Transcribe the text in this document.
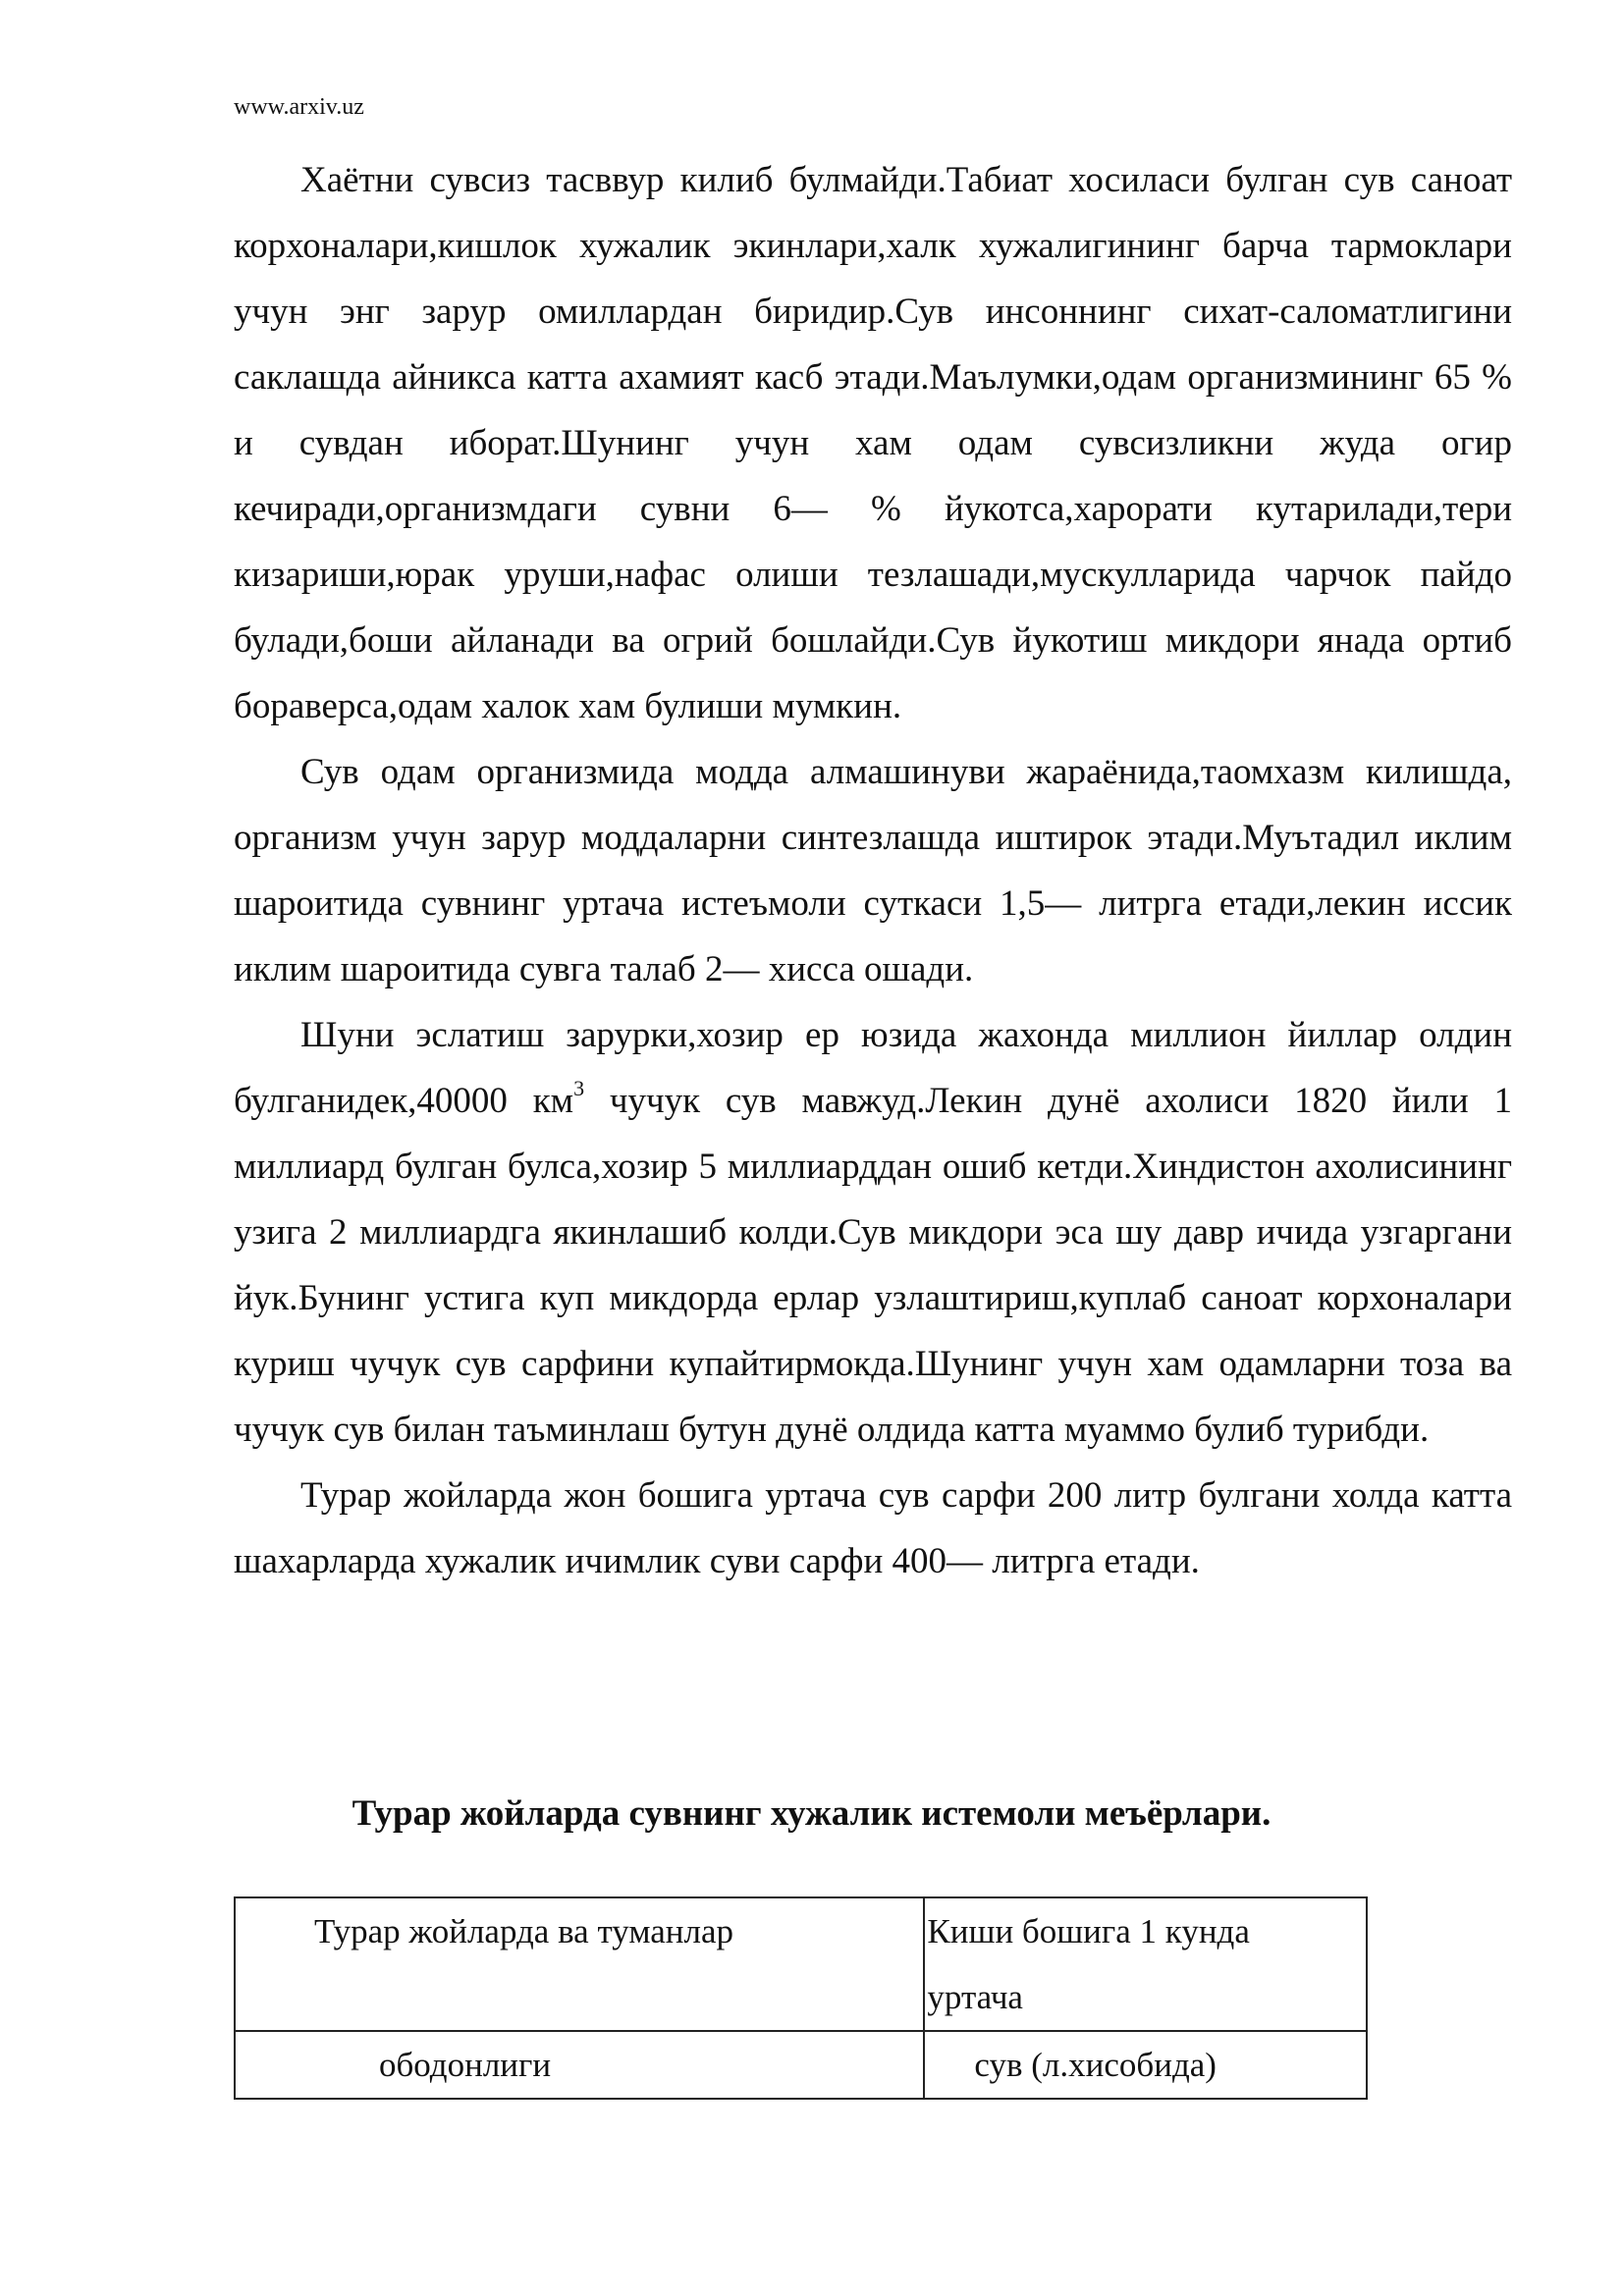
www.arxiv.uz

Хаётни сувсиз тасввур килиб булмайди.Табиат хосиласи булган сув саноат корхоналари,кишлок хужалик экинлари,халк хужалигининг барча тармоклари учун энг зарур омиллардан биридир.Сув инсоннинг сихат-саломатлигини саклашда айникса катта ахамият касб этади.Маълумки,одам организмининг 65 % и сувдан иборат.Шунинг учун хам одам сувсизликни жуда огир кечиради,организмдаги сувни 6— % йукотса,харорати кутарилади,тери кизариши,юрак уруши,нафас олиши тезлашади,мускулларида чарчок пайдо булади,боши айланади ва огрий бошлайди.Сув йукотиш микдори янада ортиб бораверса,одам халок хам булиши мумкин.

Сув одам организмида модда алмашинуви жараёнида,таомхазм килишда, организм учун зарур моддаларни синтезлашда иштирок этади.Муътадил иклим шароитида сувнинг уртача истеъмоли суткаси 1,5— литрга етади,лекин иссик иклим шароитида сувга талаб 2— хисса ошади.

Шуни эслатиш зарурки,хозир ер юзида жахонда миллион йиллар олдин булганидек,40000 $км^3$ чучук сув мавжуд.Лекин дунё ахолиси 1820 йили 1 миллиард булган булса,хозир 5 миллиарддан ошиб кетди.Хиндистон ахолисининг узига 2 миллиардга якинлашиб колди.Сув микдори эса шу давр ичида узгаргани йук.Бунинг устига куп микдорда ерлар узлаштириш,куплаб саноат корхоналари куриш чучук сув сарфини купайтирмокда.Шунинг учун хам одамларни тоза ва чучук сув билан таъминлаш бутун дунё олдида катта муаммо булиб турибди.

Турар жойларда жон бошига уртача сув сарфи 200 литр булгани холда катта шахарларда хужалик ичимлик суви сарфи 400— литрга етади.

Турар жойларда сувнинг хужалик истемоли меъёрлари.
Турар жойларда ва туманлар	Киши бошига 1 кунда
уртача

ободонлиги	сув (л.хисобида)
